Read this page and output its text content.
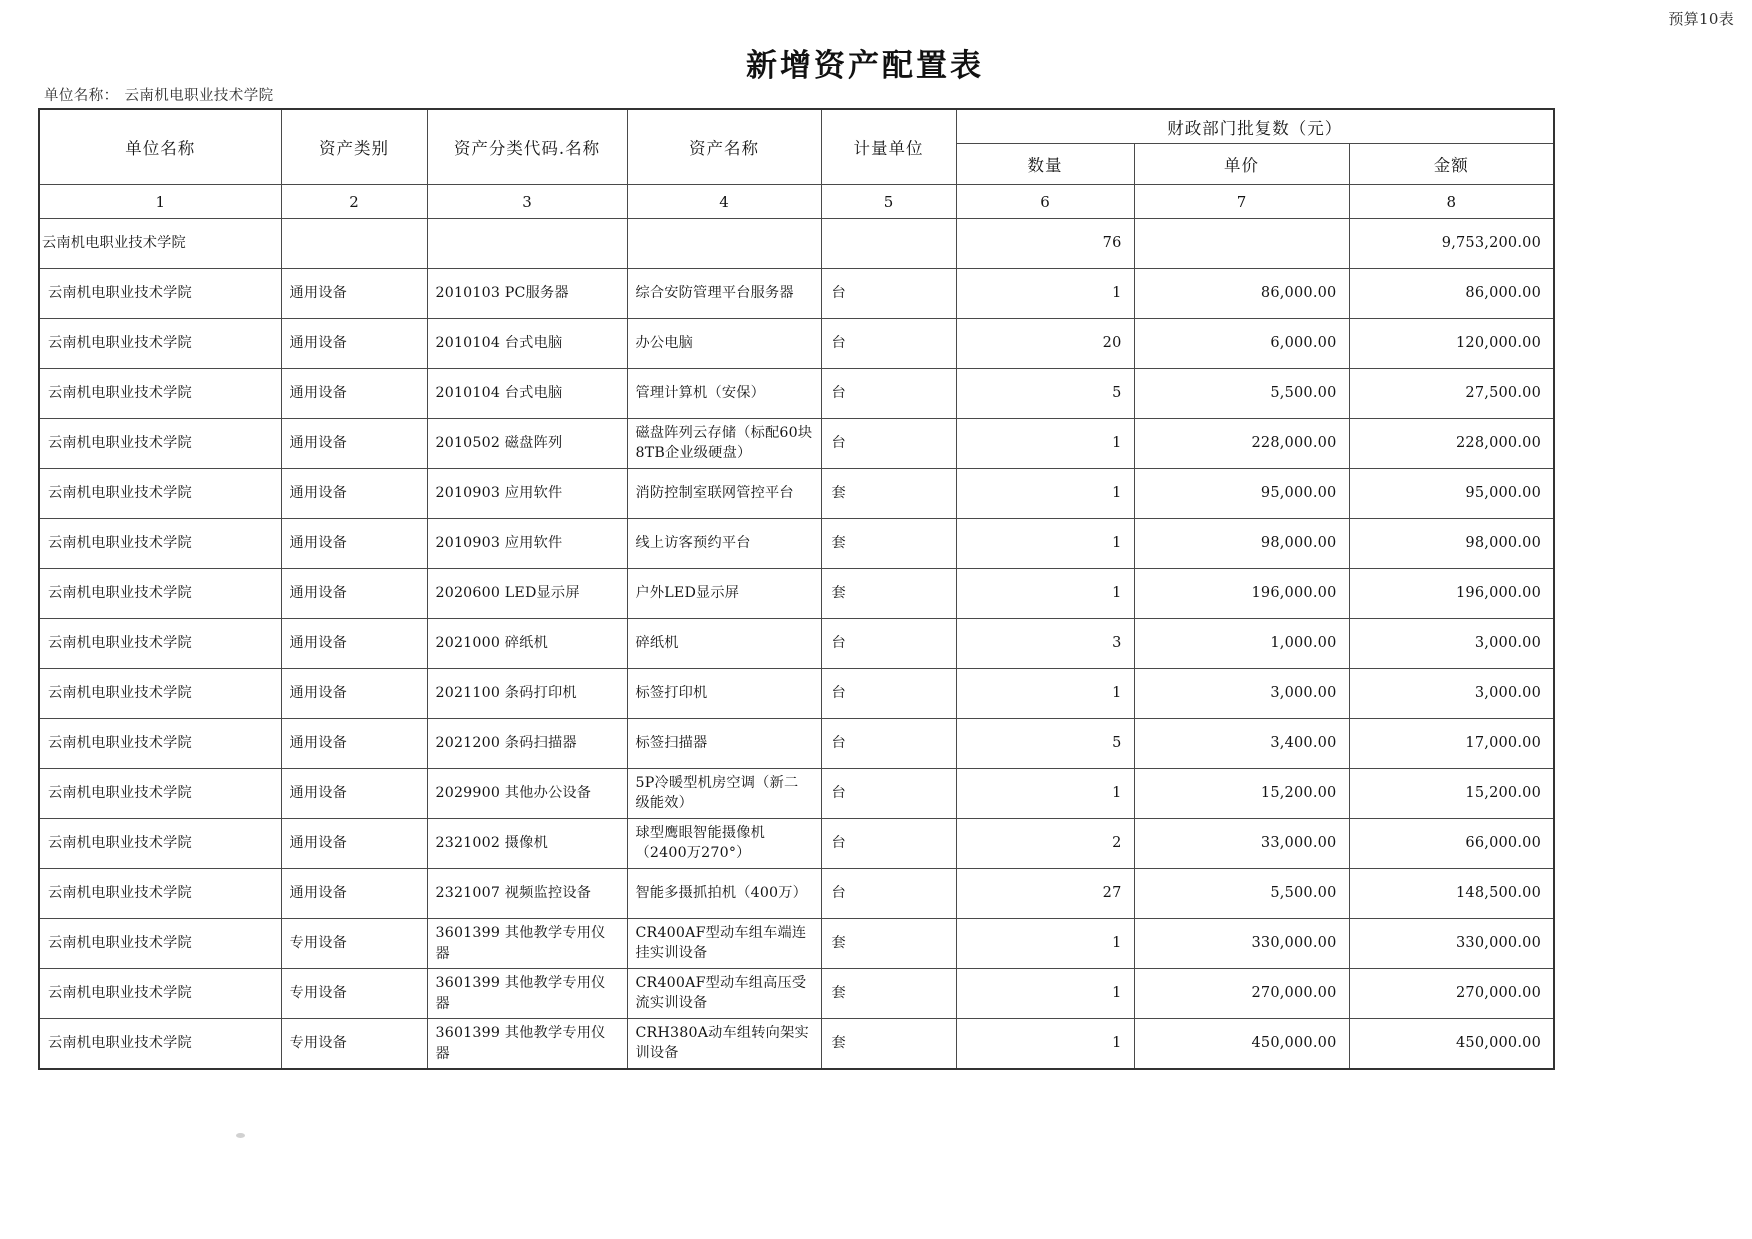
预算10表
新增资产配置表
单位名称： 云南机电职业技术学院
单位名称	资产类别	资产分类代码.名称	资产名称	计量单位	财政部门批复数（元）		
					数量	单价	金额
1	2	3	4	5	6	7	8
云南机电职业技术学院					76		9,753,200.00
云南机电职业技术学院	通用设备	2010103 PC服务器	综合安防管理平台服务器	台	1	86,000.00	86,000.00
云南机电职业技术学院	通用设备	2010104 台式电脑	办公电脑	台	20	6,000.00	120,000.00
云南机电职业技术学院	通用设备	2010104 台式电脑	管理计算机（安保）	台	5	5,500.00	27,500.00
云南机电职业技术学院	通用设备	2010502 磁盘阵列	磁盘阵列云存储（标配60块8TB企业级硬盘）	台	1	228,000.00	228,000.00
云南机电职业技术学院	通用设备	2010903 应用软件	消防控制室联网管控平台	套	1	95,000.00	95,000.00
云南机电职业技术学院	通用设备	2010903 应用软件	线上访客预约平台	套	1	98,000.00	98,000.00
云南机电职业技术学院	通用设备	2020600 LED显示屏	户外LED显示屏	套	1	196,000.00	196,000.00
云南机电职业技术学院	通用设备	2021000 碎纸机	碎纸机	台	3	1,000.00	3,000.00
云南机电职业技术学院	通用设备	2021100 条码打印机	标签打印机	台	1	3,000.00	3,000.00
云南机电职业技术学院	通用设备	2021200 条码扫描器	标签扫描器	台	5	3,400.00	17,000.00
云南机电职业技术学院	通用设备	2029900 其他办公设备	5P冷暖型机房空调（新二级能效）	台	1	15,200.00	15,200.00
云南机电职业技术学院	通用设备	2321002 摄像机	球型鹰眼智能摄像机（2400万270°）	台	2	33,000.00	66,000.00
云南机电职业技术学院	通用设备	2321007 视频监控设备	智能多摄抓拍机（400万）	台	27	5,500.00	148,500.00
云南机电职业技术学院	专用设备	3601399 其他教学专用仪器	CR400AF型动车组车端连挂实训设备	套	1	330,000.00	330,000.00
云南机电职业技术学院	专用设备	3601399 其他教学专用仪器	CR400AF型动车组高压受流实训设备	套	1	270,000.00	270,000.00
云南机电职业技术学院	专用设备	3601399 其他教学专用仪器	CRH380A动车组转向架实训设备	套	1	450,000.00	450,000.00
